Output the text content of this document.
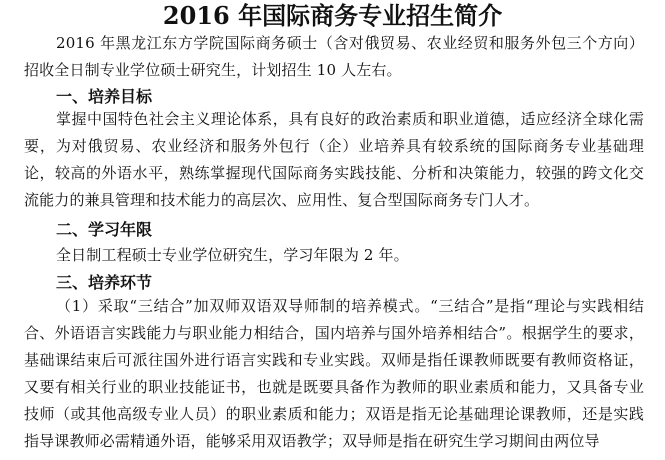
2016 年国际商务专业招生简介

2016 年黑龙江东方学院国际商务硕士（含对俄贸易、农业经贸和服务外包三个方向）招收全日制专业学位硕士研究生，计划招生 10 人左右。

一、培养目标

掌握中国特色社会主义理论体系，具有良好的政治素质和职业道德，适应经济全球化需要，为对俄贸易、农业经济和服务外包行（企）业培养具有较系统的国际商务专业基础理论，较高的外语水平，熟练掌握现代国际商务实践技能、分析和决策能力，较强的跨文化交流能力的兼具管理和技术能力的高层次、应用性、复合型国际商务专门人才。

二、学习年限

全日制工程硕士专业学位研究生，学习年限为 2 年。

三、培养环节

（1）采取“三结合”加双师双语双导师制的培养模式。“三结合”是指“理论与实践相结合、外语语言实践能力与职业能力相结合，国内培养与国外培养相结合”。根据学生的要求，基础课结束后可派往国外进行语言实践和专业实践。双师是指任课教师既要有教师资格证，又要有相关行业的职业技能证书，也就是既要具备作为教师的职业素质和能力，又具备专业技师（或其他高级专业人员）的职业素质和能力；双语是指无论基础理论课教师，还是实践指导课教师必需精通外语，能够采用双语教学；双导师是指在研究生学习期间由两位导
